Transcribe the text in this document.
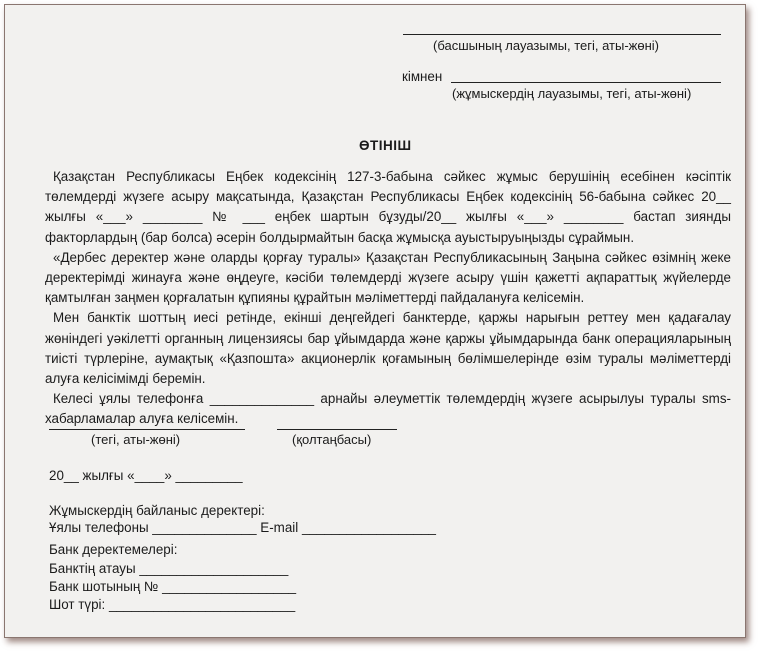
(басшының лауазымы, тегі, аты-жөні)
кімнен
(жұмыскердің лауазымы, тегі, аты-жөні)
ӨТІНІШ

Қазақстан Республикасы Еңбек кодексінің 127-3-бабына сәйкес жұмыс берушінің есебінен кәсіптік төлемдерді жүзеге асыру мақсатында, Қазақстан Республикасы Еңбек кодексінің 56-бабына сәйкес 20__ жылғы «___» ________ № ___ еңбек шартын бұзуды/20__ жылғы «___» ________ бастап зиянды факторлардың (бар болса) әсерін болдырмайтын басқа жұмысқа ауыстыруыңызды сұраймын.

«Дербес деректер және оларды қорғау туралы» Қазақстан Республикасының Заңына сәйкес өзімнің жеке деректерімді жинауға және өңдеуге, кәсіби төлемдерді жүзеге асыру үшін қажетті ақпараттық жүйелерде қамтылған заңмен қорғалатын құпияны құрайтын мәліметтерді пайдалануға келісемін.

Мен банктік шоттың иесі ретінде, екінші деңгейдегі банктерде, қаржы нарығын реттеу мен қадағалау жөніндегі уәкілетті органның лицензиясы бар ұйымдарда және қаржы ұйымдарында банк операцияларының тиісті түрлеріне, аумақтық «Қазпошта» акционерлік қоғамының бөлімшелерінде өзім туралы мәліметтерді алуға келісімімді беремін.

Келесі ұялы телефонға ______________ арнайы әлеуметтік төлемдердің жүзеге асырылуы туралы sms-хабарламалар алуға келісемін.

(тегі, аты-жөні)	(қолтаңбасы)
20__ жылғы «____» _________
Жұмыскердің байланыс деректері:
Ұялы телефоны ______________ E-mail __________________
Банк деректемелері:
Банктің атауы ____________________
Банк шотының № __________________
Шот түрі: _________________________
